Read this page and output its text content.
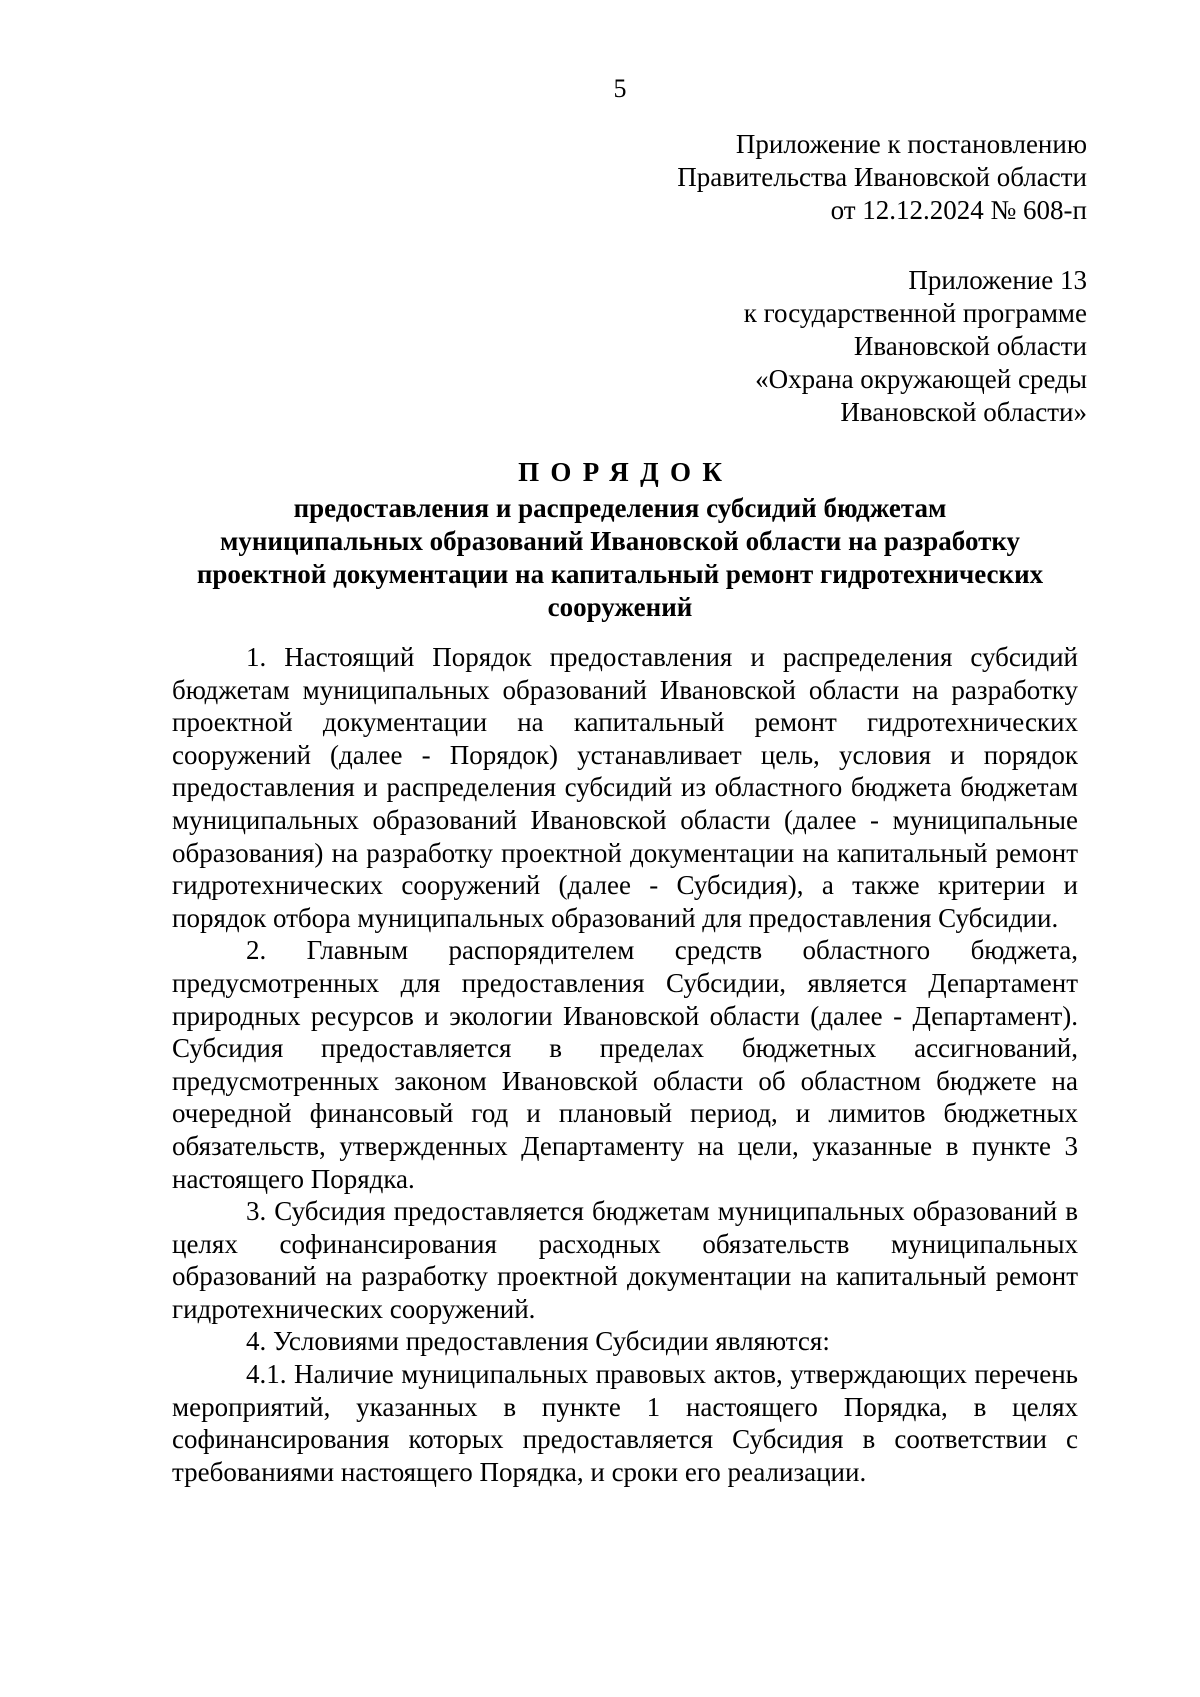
5
Приложение к постановлению
Правительства Ивановской области
от 12.12.2024 № 608-п
Приложение 13
к государственной программе
Ивановской области
«Охрана окружающей среды
Ивановской области»
ПОРЯДОК
предоставления и распределения субсидий бюджетам
муниципальных образований Ивановской области на разработку
проектной документации на капитальный ремонт гидротехнических
сооружений

1. Настоящий Порядок предоставления и распределения субсидий бюджетам муниципальных образований Ивановской области на разработку проектной документации на капитальный ремонт гидротехнических сооружений (далее - Порядок) устанавливает цель, условия и порядок предоставления и распределения субсидий из областного бюджета бюджетам муниципальных образований Ивановской области (далее - муниципальные образования) на разработку проектной документации на капитальный ремонт гидротехнических сооружений (далее - Субсидия), а также критерии и порядок отбора муниципальных образований для предоставления Субсидии.

2. Главным распорядителем средств областного бюджета, предусмотренных для предоставления Субсидии, является Департамент природных ресурсов и экологии Ивановской области (далее - Департамент). Субсидия предоставляется в пределах бюджетных ассигнований, предусмотренных законом Ивановской области об областном бюджете на очередной финансовый год и плановый период, и лимитов бюджетных обязательств, утвержденных Департаменту на цели, указанные в пункте 3 настоящего Порядка.

3. Субсидия предоставляется бюджетам муниципальных образований в целях софинансирования расходных обязательств муниципальных образований на разработку проектной документации на капитальный ремонт гидротехнических сооружений.

4. Условиями предоставления Субсидии являются:

4.1. Наличие муниципальных правовых актов, утверждающих перечень мероприятий, указанных в пункте 1 настоящего Порядка, в целях софинансирования которых предоставляется Субсидия в соответствии с требованиями настоящего Порядка, и сроки его реализации.
